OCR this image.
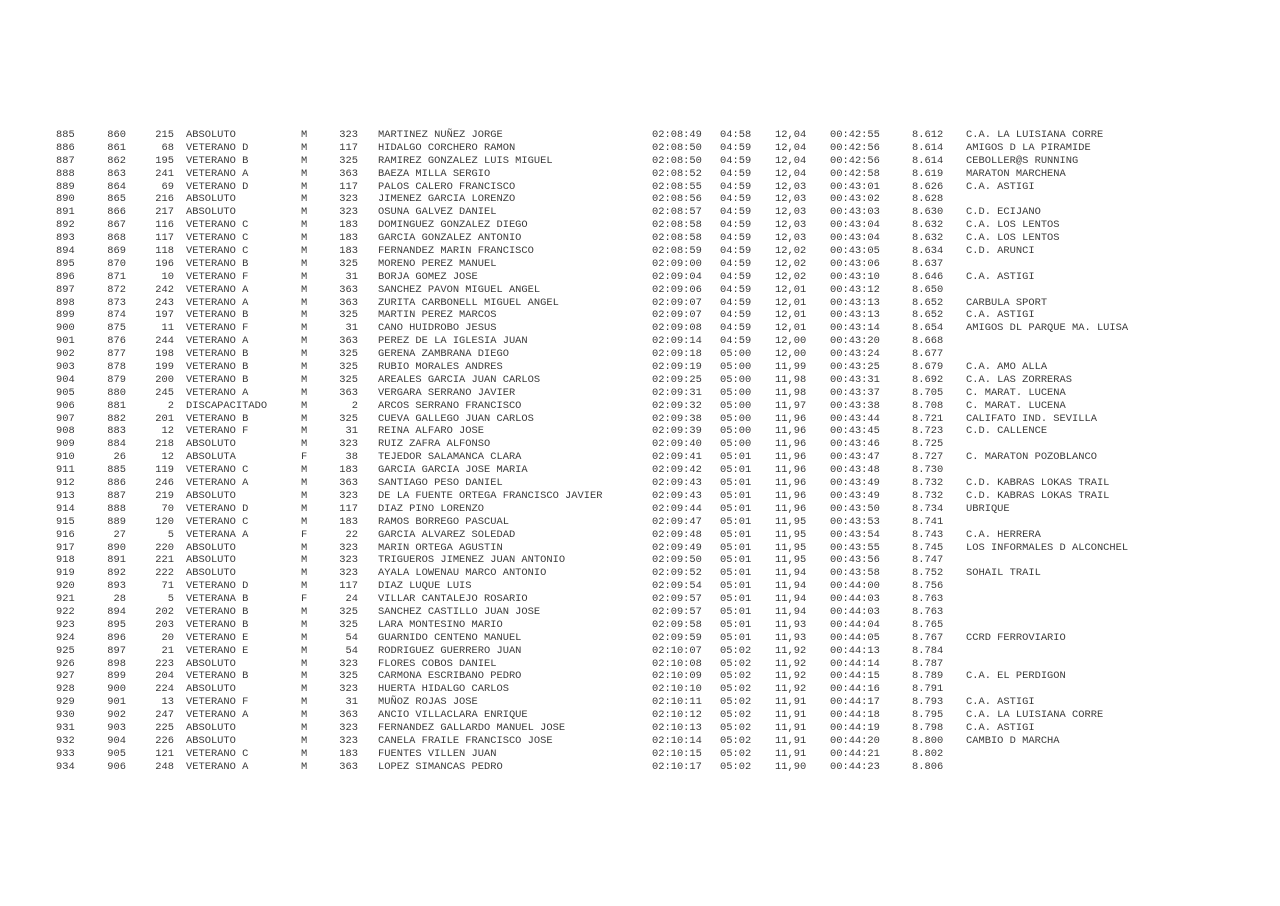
885	860	215 ABSOLUTO	M	323 MARTINEZ NUÑEZ JORGE	02:08:49 04:58 12,04 00:42:55	8.612 C.A. LA LUISIANA CORRE
886	861	68 VETERANO D	M	117 HIDALGO CORCHERO RAMON	02:08:50 04:59 12,04 00:42:56	8.614 AMIGOS D LA PIRAMIDE
887	862	195 VETERANO B	M	325 RAMIREZ GONZALEZ LUIS MIGUEL	02:08:50 04:59 12,04 00:42:56	8.614 CEBOLLER@S RUNNING
888	863	241 VETERANO A	M	363 BAEZA MILLA SERGIO	02:08:52 04:59 12,04 00:42:58	8.619 MARATON MARCHENA
889	864	69 VETERANO D	M	117 PALOS CALERO FRANCISCO	02:08:55 04:59 12,03 00:43:01	8.626 C.A. ASTIGI
890	865	216 ABSOLUTO	M	323 JIMENEZ GARCIA LORENZO	02:08:56 04:59 12,03 00:43:02	8.628
891	866	217 ABSOLUTO	M	323 OSUNA GALVEZ DANIEL	02:08:57 04:59 12,03 00:43:03	8.630 C.D. ECIJANO
892	867	116 VETERANO C	M	183 DOMINGUEZ GONZALEZ DIEGO	02:08:58 04:59 12,03 00:43:04	8.632 C.A. LOS LENTOS
893	868	117 VETERANO C	M	183 GARCIA GONZALEZ ANTONIO	02:08:58 04:59 12,03 00:43:04	8.632 C.A. LOS LENTOS
894	869	118 VETERANO C	M	183 FERNANDEZ MARIN FRANCISCO	02:08:59 04:59 12,02 00:43:05	8.634 C.D. ARUNCI
895	870	196 VETERANO B	M	325 MORENO PEREZ MANUEL	02:09:00 04:59 12,02 00:43:06	8.637
896	871	10 VETERANO F	M	31 BORJA GOMEZ JOSE	02:09:04 04:59 12,02 00:43:10	8.646 C.A. ASTIGI
897	872	242 VETERANO A	M	363 SANCHEZ PAVON MIGUEL ANGEL	02:09:06 04:59 12,01 00:43:12	8.650
898	873	243 VETERANO A	M	363 ZURITA CARBONELL MIGUEL ANGEL	02:09:07 04:59 12,01 00:43:13	8.652 CARBULA SPORT
899	874	197 VETERANO B	M	325 MARTIN PEREZ MARCOS	02:09:07 04:59 12,01 00:43:13	8.652 C.A. ASTIGI
900	875	11 VETERANO F	M	31 CANO HUIDROBO JESUS	02:09:08 04:59 12,01 00:43:14	8.654 AMIGOS DL PARQUE MA. LUISA
901	876	244 VETERANO A	M	363 PEREZ DE LA IGLESIA JUAN	02:09:14 04:59 12,00 00:43:20	8.668
902	877	198 VETERANO B	M	325 GERENA ZAMBRANA DIEGO	02:09:18 05:00 12,00 00:43:24	8.677
903	878	199 VETERANO B	M	325 RUBIO MORALES ANDRES	02:09:19 05:00 11,99 00:43:25	8.679 C.A. AMO ALLA
904	879	200 VETERANO B	M	325 AREALES GARCIA JUAN CARLOS	02:09:25 05:00 11,98 00:43:31	8.692 C.A. LAS ZORRERAS
905	880	245 VETERANO A	M	363 VERGARA SERRANO JAVIER	02:09:31 05:00 11,98 00:43:37	8.705 C. MARAT. LUCENA
906	881	2 DISCAPACITADO	M	2 ARCOS SERRANO FRANCISCO	02:09:32 05:00 11,97 00:43:38	8.708 C. MARAT. LUCENA
907	882	201 VETERANO B	M	325 CUEVA GALLEGO JUAN CARLOS	02:09:38 05:00 11,96 00:43:44	8.721 CALIFATO IND. SEVILLA
908	883	12 VETERANO F	M	31 REINA ALFARO JOSE	02:09:39 05:00 11,96 00:43:45	8.723 C.D. CALLENCE
909	884	218 ABSOLUTO	M	323 RUIZ ZAFRA ALFONSO	02:09:40 05:00 11,96 00:43:46	8.725
910	26	12 ABSOLUTA	F	38 TEJEDOR SALAMANCA CLARA	02:09:41 05:01 11,96 00:43:47	8.727 C. MARATON POZOBLANCO
911	885	119 VETERANO C	M	183 GARCIA GARCIA JOSE MARIA	02:09:42 05:01 11,96 00:43:48	8.730
912	886	246 VETERANO A	M	363 SANTIAGO PESO DANIEL	02:09:43 05:01 11,96 00:43:49	8.732 C.D. KABRAS LOKAS TRAIL
913	887	219 ABSOLUTO	M	323 DE LA FUENTE ORTEGA FRANCISCO JAVIER	02:09:43 05:01 11,96 00:43:49	8.732 C.D. KABRAS LOKAS TRAIL
914	888	70 VETERANO D	M	117 DIAZ PINO LORENZO	02:09:44 05:01 11,96 00:43:50	8.734 UBRIQUE
915	889	120 VETERANO C	M	183 RAMOS BORREGO PASCUAL	02:09:47 05:01 11,95 00:43:53	8.741
916	27	5 VETERANA A	F	22 GARCIA ALVAREZ SOLEDAD	02:09:48 05:01 11,95 00:43:54	8.743 C.A. HERRERA
917	890	220 ABSOLUTO	M	323 MARIN ORTEGA AGUSTIN	02:09:49 05:01 11,95 00:43:55	8.745 LOS INFORMALES D ALCONCHEL
918	891	221 ABSOLUTO	M	323 TRIGUEROS JIMENEZ JUAN ANTONIO	02:09:50 05:01 11,95 00:43:56	8.747
919	892	222 ABSOLUTO	M	323 AYALA LOWENAU MARCO ANTONIO	02:09:52 05:01 11,94 00:43:58	8.752 SOHAIL TRAIL
920	893	71 VETERANO D	M	117 DIAZ LUQUE LUIS	02:09:54 05:01 11,94 00:44:00	8.756
921	28	5 VETERANA B	F	24 VILLAR CANTALEJO ROSARIO	02:09:57 05:01 11,94 00:44:03	8.763
922	894	202 VETERANO B	M	325 SANCHEZ CASTILLO JUAN JOSE	02:09:57 05:01 11,94 00:44:03	8.763
923	895	203 VETERANO B	M	325 LARA MONTESINO MARIO	02:09:58 05:01 11,93 00:44:04	8.765
924	896	20 VETERANO E	M	54 GUARNIDO CENTENO MANUEL	02:09:59 05:01 11,93 00:44:05	8.767 CCRD FERROVIARIO
925	897	21 VETERANO E	M	54 RODRIGUEZ GUERRERO JUAN	02:10:07 05:02 11,92 00:44:13	8.784
926	898	223 ABSOLUTO	M	323 FLORES COBOS DANIEL	02:10:08 05:02 11,92 00:44:14	8.787
927	899	204 VETERANO B	M	325 CARMONA ESCRIBANO PEDRO	02:10:09 05:02 11,92 00:44:15	8.789 C.A. EL PERDIGON
928	900	224 ABSOLUTO	M	323 HUERTA HIDALGO CARLOS	02:10:10 05:02 11,92 00:44:16	8.791
929	901	13 VETERANO F	M	31 MUÑOZ ROJAS JOSE	02:10:11 05:02 11,91 00:44:17	8.793 C.A. ASTIGI
930	902	247 VETERANO A	M	363 ANCIO VILLACLARA ENRIQUE	02:10:12 05:02 11,91 00:44:18	8.795 C.A. LA LUISIANA CORRE
931	903	225 ABSOLUTO	M	323 FERNANDEZ GALLARDO MANUEL JOSE	02:10:13 05:02 11,91 00:44:19	8.798 C.A. ASTIGI
932	904	226 ABSOLUTO	M	323 CANELA FRAILE FRANCISCO JOSE	02:10:14 05:02 11,91 00:44:20	8.800 CAMBIO D MARCHA
933	905	121 VETERANO C	M	183 FUENTES VILLEN JUAN	02:10:15 05:02 11,91 00:44:21	8.802
934	906	248 VETERANO A	M	363 LOPEZ SIMANCAS PEDRO	02:10:17 05:02 11,90 00:44:23	8.806
